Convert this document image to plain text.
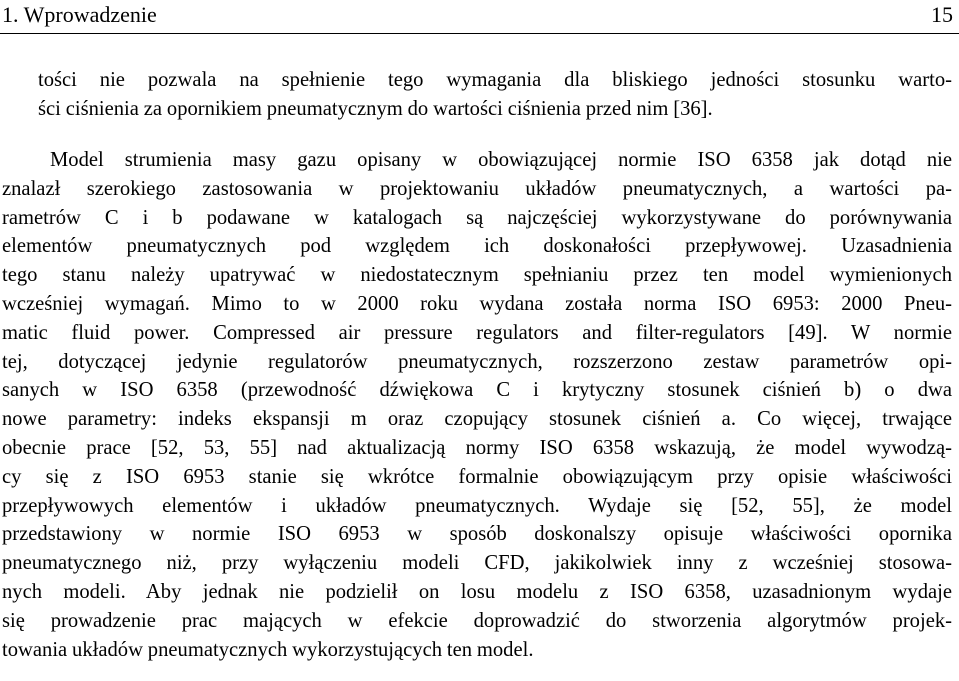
1. Wprowadzenie	15
tości nie pozwala na spełnienie tego wymagania dla bliskiego jedności stosunku warto-
ści ciśnienia za opornikiem pneumatycznym do wartości ciśnienia przed nim [36].
Model strumienia masy gazu opisany w obowiązującej normie ISO 6358 jak dotąd nie
znalazł szerokiego zastosowania w projektowaniu układów pneumatycznych, a wartości pa-
rametrów C i b podawane w katalogach są najczęściej wykorzystywane do porównywania
elementów pneumatycznych pod względem ich doskonałości przepływowej. Uzasadnienia
tego stanu należy upatrywać w niedostatecznym spełnianiu przez ten model wymienionych
wcześniej wymagań. Mimo to w 2000 roku wydana została norma ISO 6953: 2000 Pneu-
matic fluid power. Compressed air pressure regulators and filter-regulators [49]. W normie
tej, dotyczącej jedynie regulatorów pneumatycznych, rozszerzono zestaw parametrów opi-
sanych w ISO 6358 (przewodność dźwiękowa C i krytyczny stosunek ciśnień b) o dwa
nowe parametry: indeks ekspansji m oraz czopujący stosunek ciśnień a. Co więcej, trwające
obecnie prace [52, 53, 55] nad aktualizacją normy ISO 6358 wskazują, że model wywodzą-
cy się z ISO 6953 stanie się wkrótce formalnie obowiązującym przy opisie właściwości
przepływowych elementów i układów pneumatycznych. Wydaje się [52, 55], że model
przedstawiony w normie ISO 6953 w sposób doskonalszy opisuje właściwości opornika
pneumatycznego niż, przy wyłączeniu modeli CFD, jakikolwiek inny z wcześniej stosowa-
nych modeli. Aby jednak nie podzielił on losu modelu z ISO 6358, uzasadnionym wydaje
się prowadzenie prac mających w efekcie doprowadzić do stworzenia algorytmów projek-
towania układów pneumatycznych wykorzystujących ten model.
